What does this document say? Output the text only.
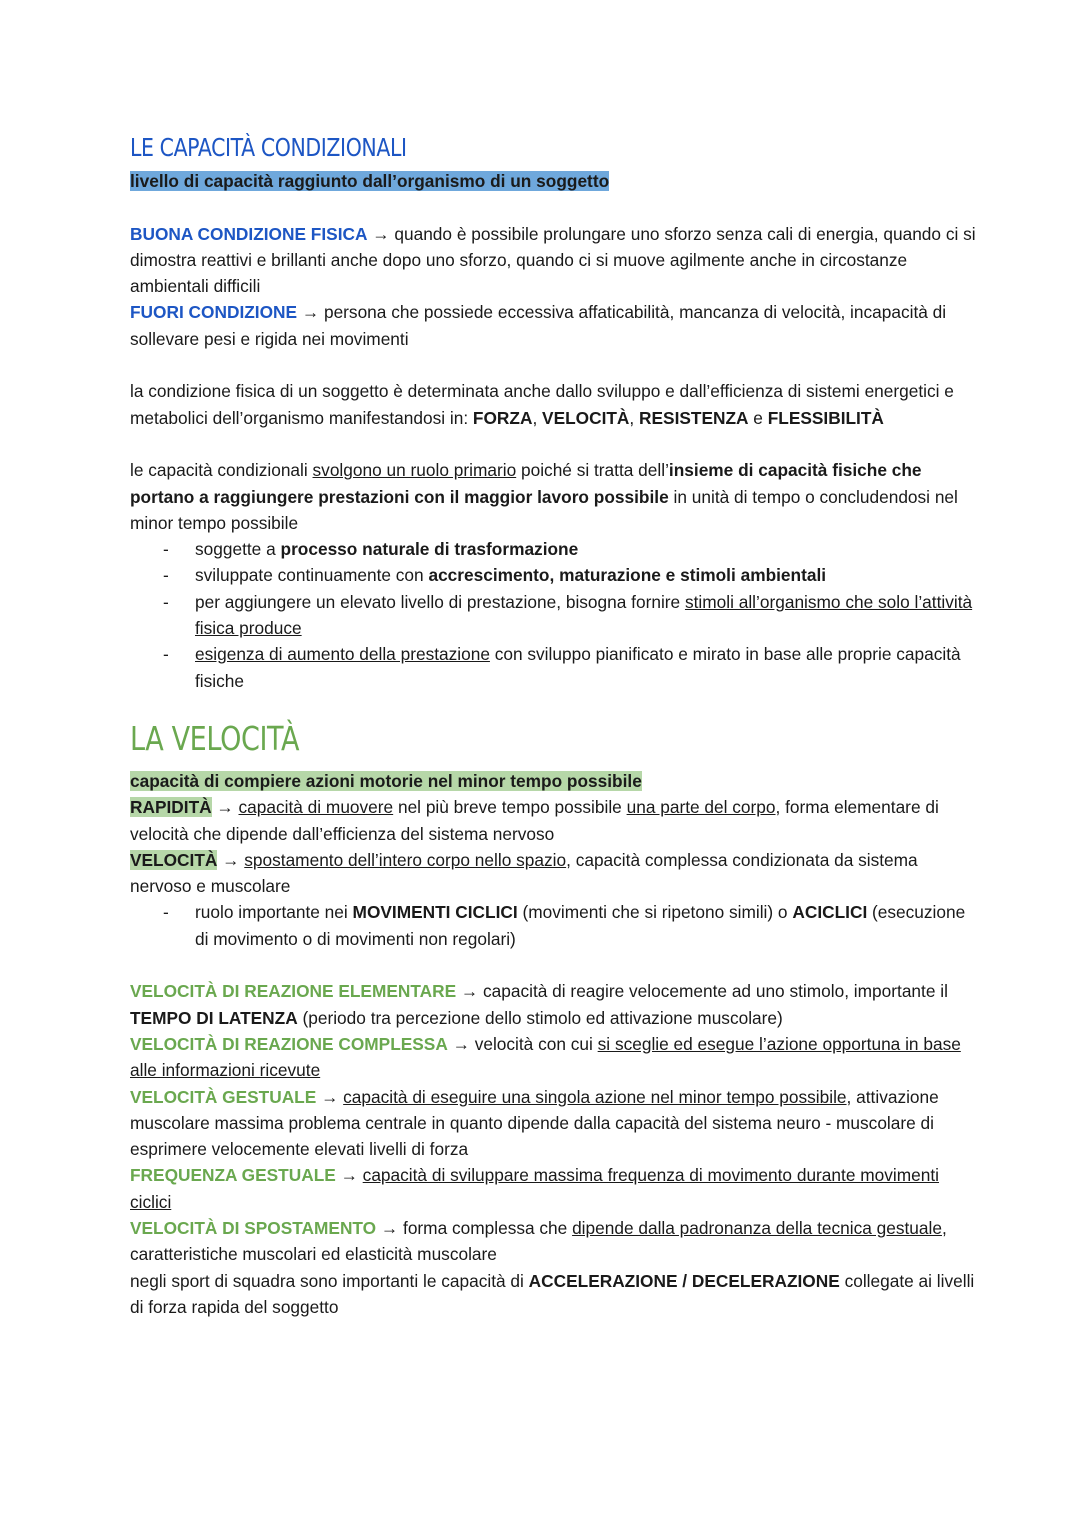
LE CAPACITÀ CONDIZIONALI

livello di capacità raggiunto dall’organismo di un soggetto

BUONA CONDIZIONE FISICA → quando è possibile prolungare uno sforzo senza cali di energia, quando ci si dimostra reattivi e brillanti anche dopo uno sforzo, quando ci si muove agilmente anche in circostanze ambientali difficili

FUORI CONDIZIONE → persona che possiede eccessiva affaticabilità, mancanza di velocità, incapacità di sollevare pesi e rigida nei movimenti

la condizione fisica di un soggetto è determinata anche dallo sviluppo e dall’efficienza di sistemi energetici e metabolici dell’organismo manifestandosi in: FORZA, VELOCITÀ, RESISTENZA e FLESSIBILITÀ

le capacità condizionali svolgono un ruolo primario poiché si tratta dell’insieme di capacità fisiche che portano a raggiungere prestazioni con il maggior lavoro possibile in unità di tempo o concludendosi nel minor tempo possibile

- soggette a processo naturale di trasformazione
- sviluppate continuamente con accrescimento, maturazione e stimoli ambientali
- per aggiungere un elevato livello di prestazione, bisogna fornire stimoli all’organismo che solo l’attività fisica produce
- esigenza di aumento della prestazione con sviluppo pianificato e mirato in base alle proprie capacità fisiche
LA VELOCITÀ

capacità di compiere azioni motorie nel minor tempo possibile

RAPIDITÀ → capacità di muovere nel più breve tempo possibile una parte del corpo, forma elementare di velocità che dipende dall’efficienza del sistema nervoso

VELOCITÀ → spostamento dell’intero corpo nello spazio, capacità complessa condizionata da sistema nervoso e muscolare

- ruolo importante nei MOVIMENTI CICLICI (movimenti che si ripetono simili) o ACICLICI (esecuzione di movimento o di movimenti non regolari)

VELOCITÀ DI REAZIONE ELEMENTARE → capacità di reagire velocemente ad uno stimolo, importante il TEMPO DI LATENZA (periodo tra percezione dello stimolo ed attivazione muscolare)

VELOCITÀ DI REAZIONE COMPLESSA → velocità con cui si sceglie ed esegue l’azione opportuna in base alle informazioni ricevute

VELOCITÀ GESTUALE → capacità di eseguire una singola azione nel minor tempo possibile, attivazione muscolare massima problema centrale in quanto dipende dalla capacità del sistema neuro - muscolare di esprimere velocemente elevati livelli di forza

FREQUENZA GESTUALE → capacità di sviluppare massima frequenza di movimento durante movimenti ciclici

VELOCITÀ DI SPOSTAMENTO → forma complessa che dipende dalla padronanza della tecnica gestuale, caratteristiche muscolari ed elasticità muscolare

negli sport di squadra sono importanti le capacità di ACCELERAZIONE / DECELERAZIONE collegate ai livelli di forza rapida del soggetto
